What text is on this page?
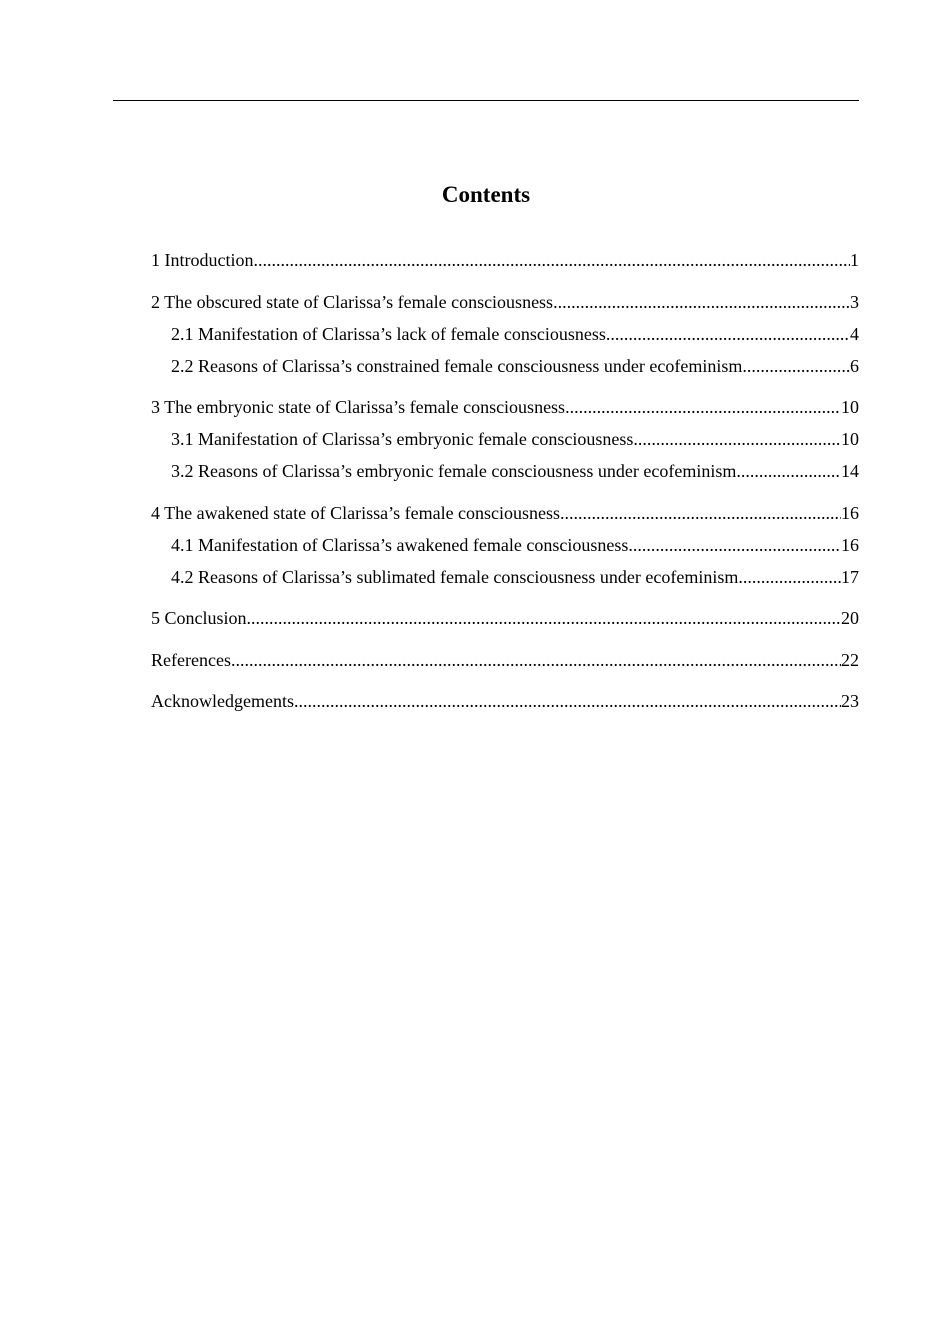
Contents
1 Introduction .....	1
2 The obscured state of Clarissa’s female consciousness .....	3
2.1 Manifestation of Clarissa’s lack of female consciousness .....	4
2.2 Reasons of Clarissa’s constrained female consciousness under ecofeminism .....	6
3 The embryonic state of Clarissa’s female consciousness .....	10
3.1 Manifestation of Clarissa’s embryonic female consciousness .....	10
3.2 Reasons of Clarissa’s embryonic female consciousness under ecofeminism .....	14
4 The awakened state of Clarissa’s female consciousness .....	16
4.1 Manifestation of Clarissa’s awakened female consciousness .....	16
4.2 Reasons of Clarissa’s sublimated female consciousness under ecofeminism .....	17
5 Conclusion .....	20
References .....	22
Acknowledgements .....	23
